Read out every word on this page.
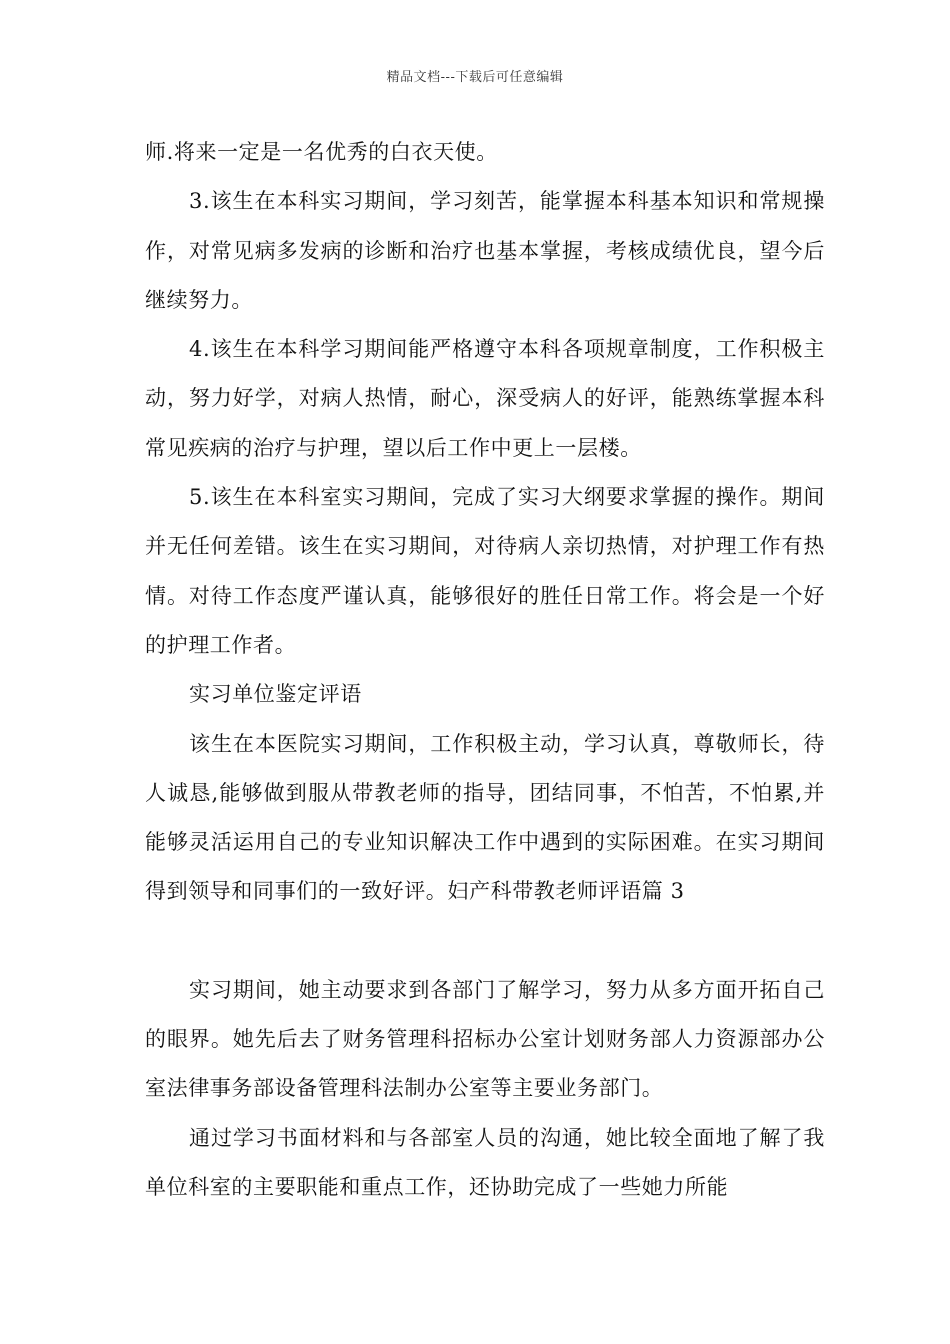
精品文档---下载后可任意编辑

师.将来一定是一名优秀的白衣天使。

3.该生在本科实习期间，学习刻苦，能掌握本科基本知识和常规操作，对常见病多发病的诊断和治疗也基本掌握，考核成绩优良，望今后继续努力。

4.该生在本科学习期间能严格遵守本科各项规章制度，工作积极主动，努力好学，对病人热情，耐心，深受病人的好评，能熟练掌握本科常见疾病的治疗与护理，望以后工作中更上一层楼。

5.该生在本科室实习期间，完成了实习大纲要求掌握的操作。期间并无任何差错。该生在实习期间，对待病人亲切热情，对护理工作有热情。对待工作态度严谨认真，能够很好的胜任日常工作。将会是一个好的护理工作者。

实习单位鉴定评语

该生在本医院实习期间，工作积极主动，学习认真，尊敬师长，待人诚恳,能够做到服从带教老师的指导，团结同事，不怕苦，不怕累,并能够灵活运用自己的专业知识解决工作中遇到的实际困难。在实习期间得到领导和同事们的一致好评。妇产科带教老师评语篇 3

实习期间，她主动要求到各部门了解学习，努力从多方面开拓自己的眼界。她先后去了财务管理科招标办公室计划财务部人力资源部办公室法律事务部设备管理科法制办公室等主要业务部门。

通过学习书面材料和与各部室人员的沟通，她比较全面地了解了我单位科室的主要职能和重点工作，还协助完成了一些她力所能
